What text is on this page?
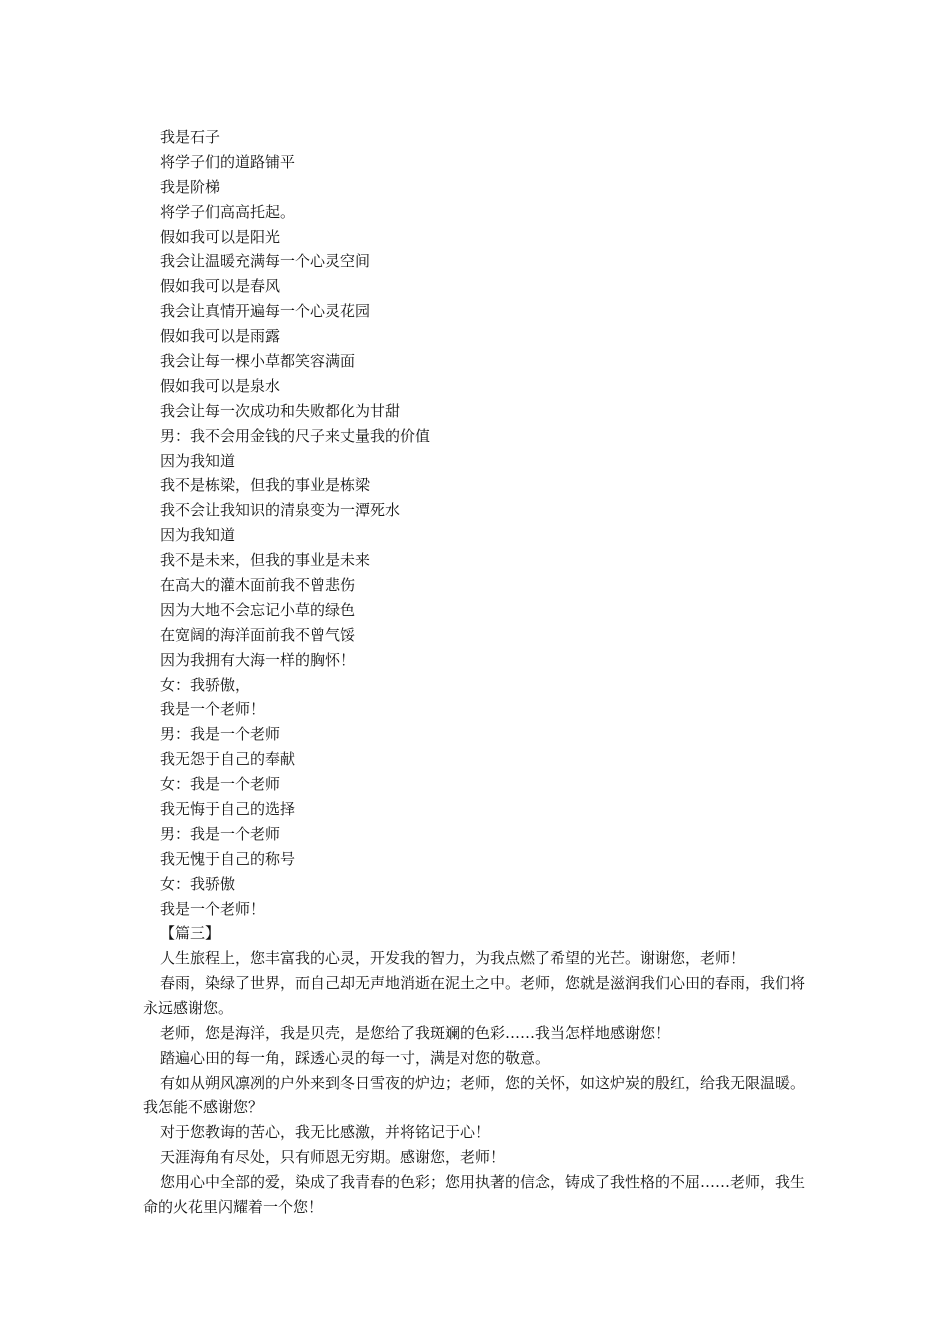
我是石子
将学子们的道路铺平
我是阶梯
将学子们高高托起。
假如我可以是阳光
我会让温暖充满每一个心灵空间
假如我可以是春风
我会让真情开遍每一个心灵花园
假如我可以是雨露
我会让每一棵小草都笑容满面
假如我可以是泉水
我会让每一次成功和失败都化为甘甜
男：我不会用金钱的尺子来丈量我的价值
因为我知道
我不是栋梁，但我的事业是栋梁
我不会让我知识的清泉变为一潭死水
因为我知道
我不是未来，但我的事业是未来
在高大的灌木面前我不曾悲伤
因为大地不会忘记小草的绿色
在宽阔的海洋面前我不曾气馁
因为我拥有大海一样的胸怀！
女：我骄傲，
我是一个老师！
男：我是一个老师
我无怨于自己的奉献
女：我是一个老师
我无悔于自己的选择
男：我是一个老师
我无愧于自己的称号
女：我骄傲
我是一个老师！
【篇三】

人生旅程上，您丰富我的心灵，开发我的智力，为我点燃了希望的光芒。谢谢您，老师！

春雨，染绿了世界，而自己却无声地消逝在泥土之中。老师，您就是滋润我们心田的春雨，我们将永远感谢您。

老师，您是海洋，我是贝壳，是您给了我斑斓的色彩……我当怎样地感谢您！

踏遍心田的每一角，踩透心灵的每一寸，满是对您的敬意。

有如从朔风凛冽的户外来到冬日雪夜的炉边；老师，您的关怀，如这炉炭的殷红，给我无限温暖。我怎能不感谢您？

对于您教诲的苦心，我无比感激，并将铭记于心！

天涯海角有尽处，只有师恩无穷期。感谢您，老师！

您用心中全部的爱，染成了我青春的色彩；您用执著的信念，铸成了我性格的不屈……老师，我生命的火花里闪耀着一个您！
